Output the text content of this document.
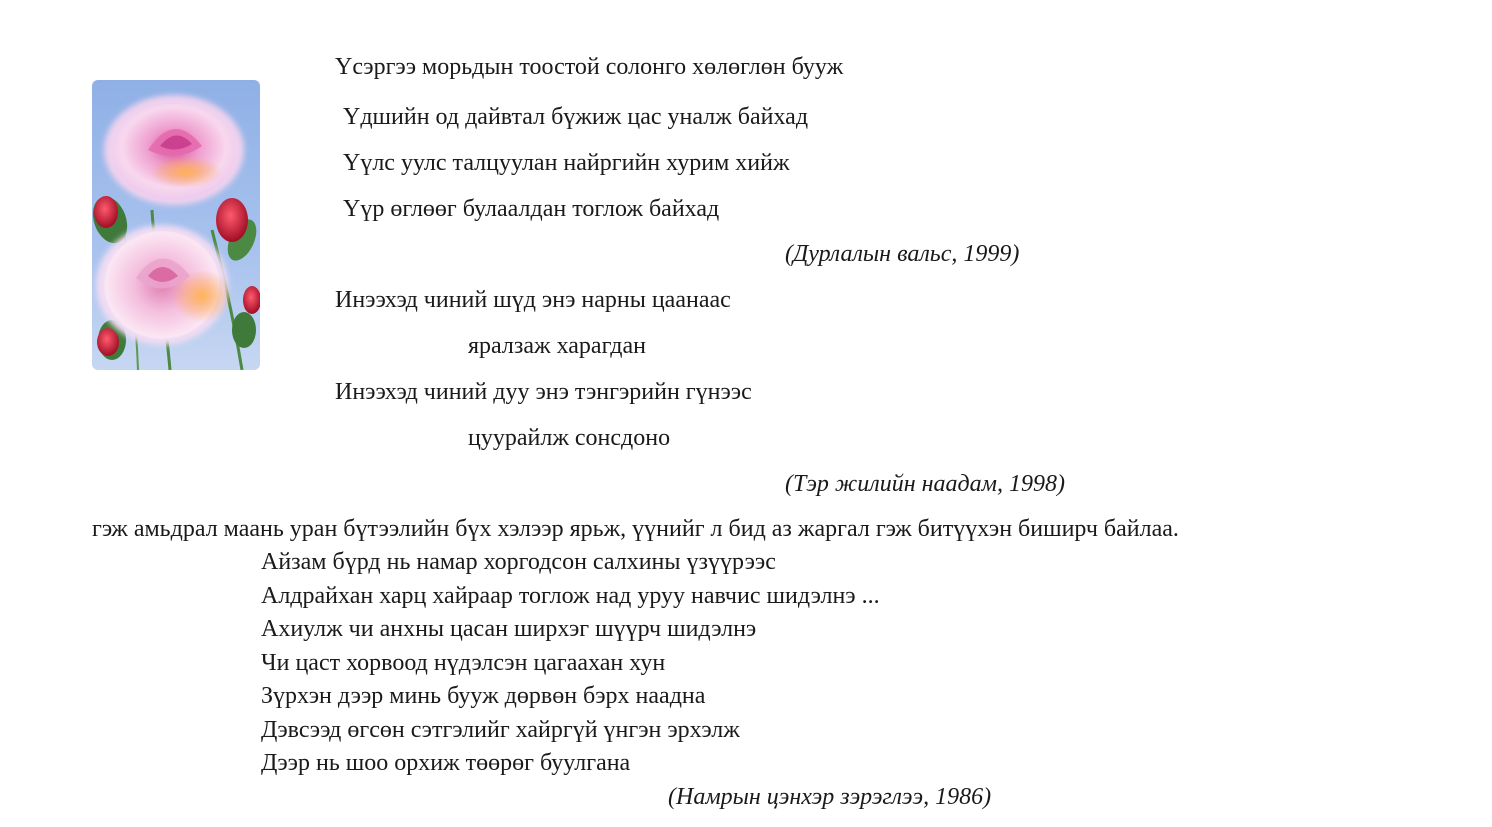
Үсэргээ морьдын тоостой солонго хөлөглөн бууж
Үдшийн од дайвтал бүжиж цас уналж байхад
Үүлс уулс талцуулан найргийн хурим хийж
Үүр өглөөг булаалдан тоглож байхад
(Дурлалын вальс, 1999)
Инээхэд чиний шүд энэ нарны цаанаас
яралзаж харагдан
Инээхэд чиний дуу энэ тэнгэрийн гүнээс
цуурайлж сонсдоно
(Тэр жилийн наадам, 1998)
гэж амьдрал маань уран бүтээлийн бүх хэлээр ярьж, үүнийг л бид аз жаргал гэж битүүхэн биширч байлаа.
Айзам бүрд нь намар хоргодсон салхины үзүүрээс
Алдрайхан харц хайраар тоглож над уруу навчис шидэлнэ ...
Ахиулж чи анхны цасан ширхэг шүүрч шидэлнэ
Чи цаст хорвоод нүдэлсэн цагаахан хун
Зүрхэн дээр минь бууж дөрвөн бэрх наадна
Дэвсээд өгсөн сэтгэлийг хайргүй үнгэн эрхэлж
Дээр нь шоо орхиж төөрөг буулгана
(Намрын цэнхэр зэрэглээ, 1986)
